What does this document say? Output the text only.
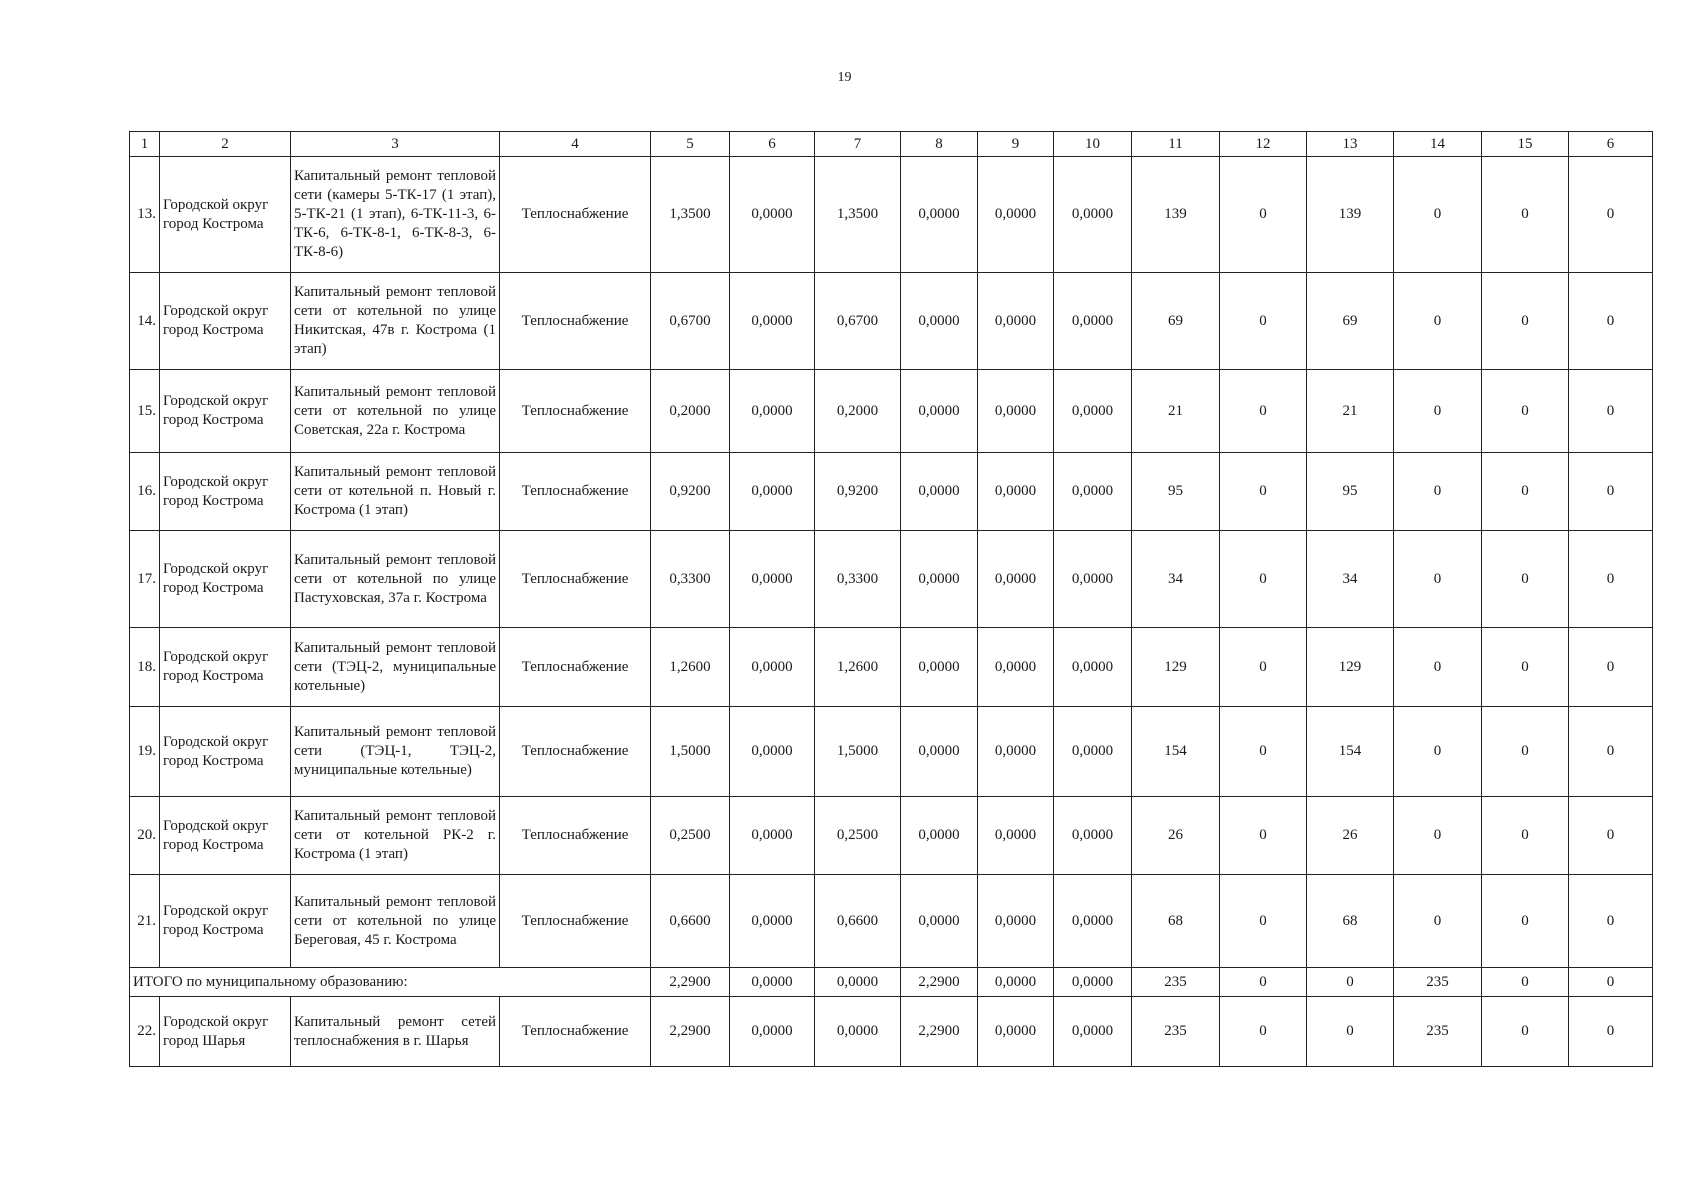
19
1	2	3	4	5	6	7	8	9	10	11	12	13	14	15	6
13.	Городской округ город Кострома	Капитальный ремонт тепловой сети (камеры 5-ТК-17 (1 этап), 5-ТК-21 (1 этап), 6-ТК-11-3, 6-ТК-6, 6-ТК-8-1, 6-ТК-8-3, 6-ТК-8-6)	Теплоснабжение	1,3500	0,0000	1,3500	0,0000	0,0000	0,0000	139	0	139	0	0	0
14.	Городской округ город Кострома	Капитальный ремонт тепловой сети от котельной по улице Никитская, 47в г. Кострома (1 этап)	Теплоснабжение	0,6700	0,0000	0,6700	0,0000	0,0000	0,0000	69	0	69	0	0	0
15.	Городской округ город Кострома	Капитальный ремонт тепловой сети от котельной по улице Советская, 22а г. Кострома	Теплоснабжение	0,2000	0,0000	0,2000	0,0000	0,0000	0,0000	21	0	21	0	0	0
16.	Городской округ город Кострома	Капитальный ремонт тепловой сети от котельной п. Новый г. Кострома (1 этап)	Теплоснабжение	0,9200	0,0000	0,9200	0,0000	0,0000	0,0000	95	0	95	0	0	0
17.	Городской округ город Кострома	Капитальный ремонт тепловой сети от котельной по улице Пастуховская, 37а г. Кострома	Теплоснабжение	0,3300	0,0000	0,3300	0,0000	0,0000	0,0000	34	0	34	0	0	0
18.	Городской округ город Кострома	Капитальный ремонт тепловой сети (ТЭЦ-2, муниципальные котельные)	Теплоснабжение	1,2600	0,0000	1,2600	0,0000	0,0000	0,0000	129	0	129	0	0	0
19.	Городской округ город Кострома	Капитальный ремонт тепловой сети (ТЭЦ-1, ТЭЦ-2, муниципальные котельные)	Теплоснабжение	1,5000	0,0000	1,5000	0,0000	0,0000	0,0000	154	0	154	0	0	0
20.	Городской округ город Кострома	Капитальный ремонт тепловой сети от котельной РК-2 г. Кострома (1 этап)	Теплоснабжение	0,2500	0,0000	0,2500	0,0000	0,0000	0,0000	26	0	26	0	0	0
21.	Городской округ город Кострома	Капитальный ремонт тепловой сети от котельной по улице Береговая, 45 г. Кострома	Теплоснабжение	0,6600	0,0000	0,6600	0,0000	0,0000	0,0000	68	0	68	0	0	0
ИТОГО по муниципальному образованию:				2,2900	0,0000	0,0000	2,2900	0,0000	0,0000	235	0	0	235	0	0
22.	Городской округ город Шарья	Капитальный ремонт сетей теплоснабжения в г. Шарья	Теплоснабжение	2,2900	0,0000	0,0000	2,2900	0,0000	0,0000	235	0	0	235	0	0
